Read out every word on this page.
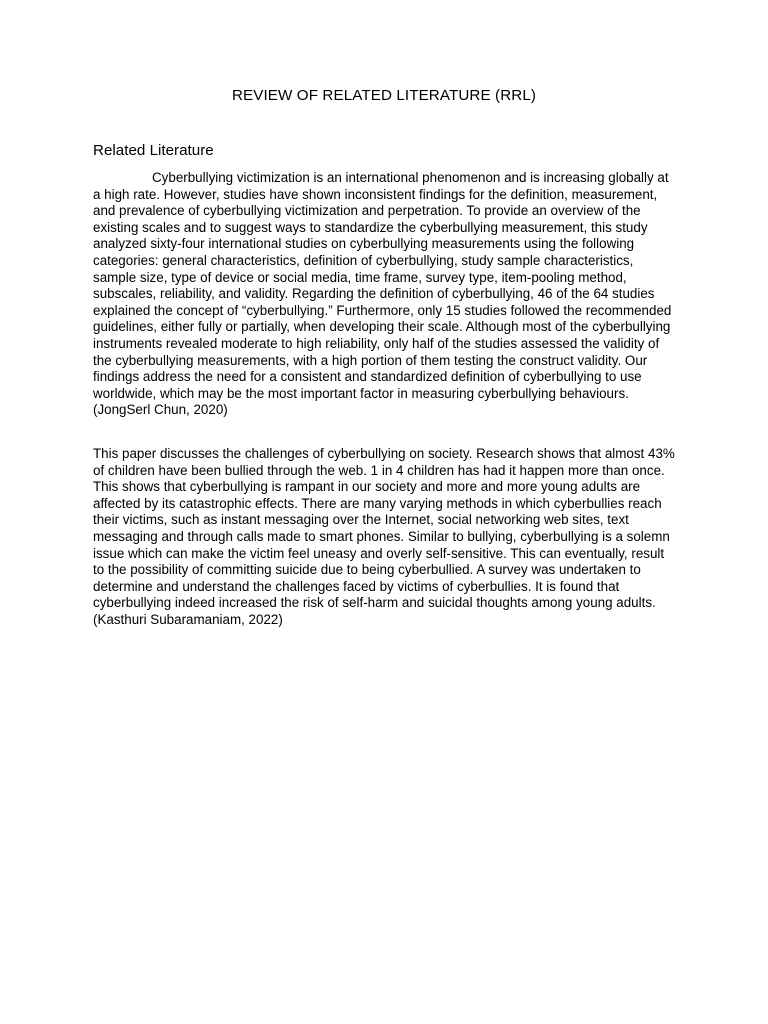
REVIEW OF RELATED LITERATURE (RRL)
Related Literature

Cyberbullying victimization is an international phenomenon and is increasing globally at a high rate. However, studies have shown inconsistent findings for the definition, measurement, and prevalence of cyberbullying victimization and perpetration. To provide an overview of the existing scales and to suggest ways to standardize the cyberbullying measurement, this study analyzed sixty-four international studies on cyberbullying measurements using the following categories: general characteristics, definition of cyberbullying, study sample characteristics, sample size, type of device or social media, time frame, survey type, item-pooling method, subscales, reliability, and validity. Regarding the definition of cyberbullying, 46 of the 64 studies explained the concept of “cyberbullying.” Furthermore, only 15 studies followed the recommended guidelines, either fully or partially, when developing their scale. Although most of the cyberbullying instruments revealed moderate to high reliability, only half of the studies assessed the validity of the cyberbullying measurements, with a high portion of them testing the construct validity. Our findings address the need for a consistent and standardized definition of cyberbullying to use worldwide, which may be the most important factor in measuring cyberbullying behaviours. (JongSerl Chun, 2020)

This paper discusses the challenges of cyberbullying on society. Research shows that almost 43% of children have been bullied through the web. 1 in 4 children has had it happen more than once. This shows that cyberbullying is rampant in our society and more and more young adults are affected by its catastrophic effects. There are many varying methods in which cyberbullies reach their victims, such as instant messaging over the Internet, social networking web sites, text messaging and through calls made to smart phones. Similar to bullying, cyberbullying is a solemn issue which can make the victim feel uneasy and overly self-sensitive. This can eventually, result to the possibility of committing suicide due to being cyberbullied. A survey was undertaken to determine and understand the challenges faced by victims of cyberbullies. It is found that cyberbullying indeed increased the risk of self-harm and suicidal thoughts among young adults. (Kasthuri Subaramaniam, 2022)
